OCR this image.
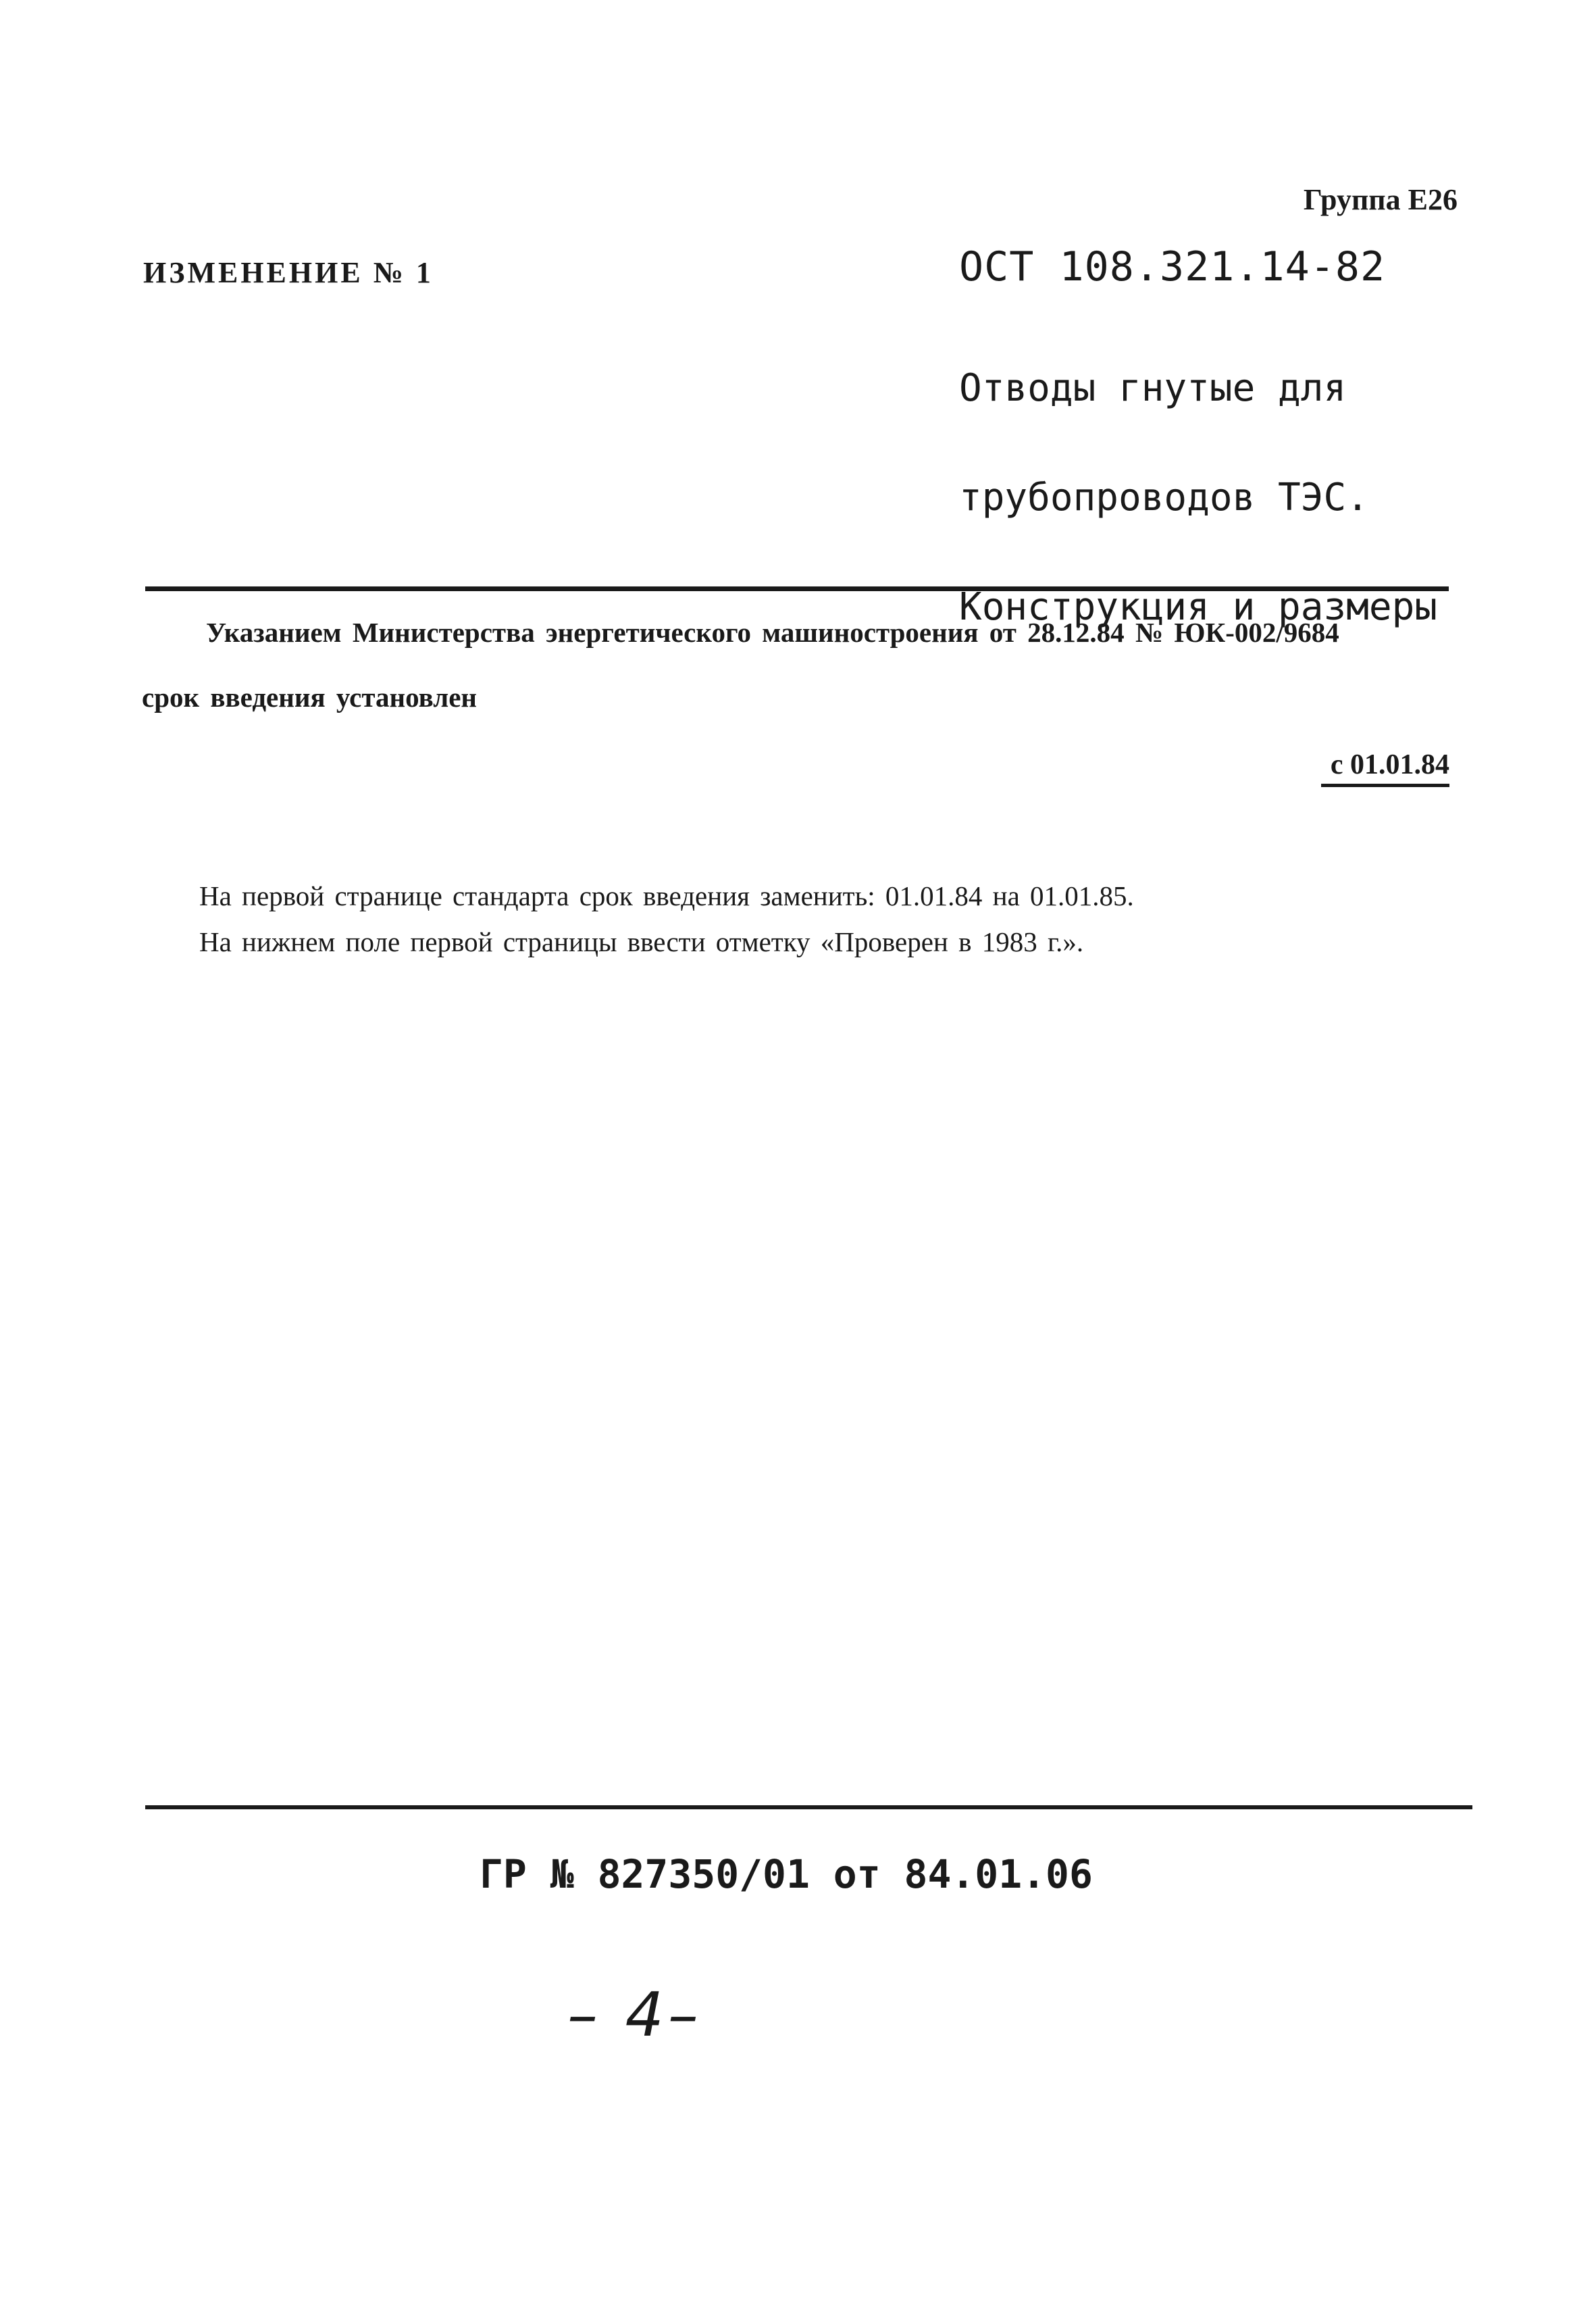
Группа Е26
ИЗМЕНЕНИЕ № 1	ОСТ 108.321.14-82

Отводы гнутые для

трубопроводов ТЭС.

Конструкция и размеры

Указанием Министерства энергетического машиностроения от 28.12.84 № ЮК-002/9684
срок введения установлен
с 01.01.84
На первой странице стандарта срок введения заменить: 01.01.84 на 01.01.85.
На нижнем поле первой страницы ввести отметку «Проверен в 1983 г.».
ГР № 827350/01 от 84.01.06
– 4–
